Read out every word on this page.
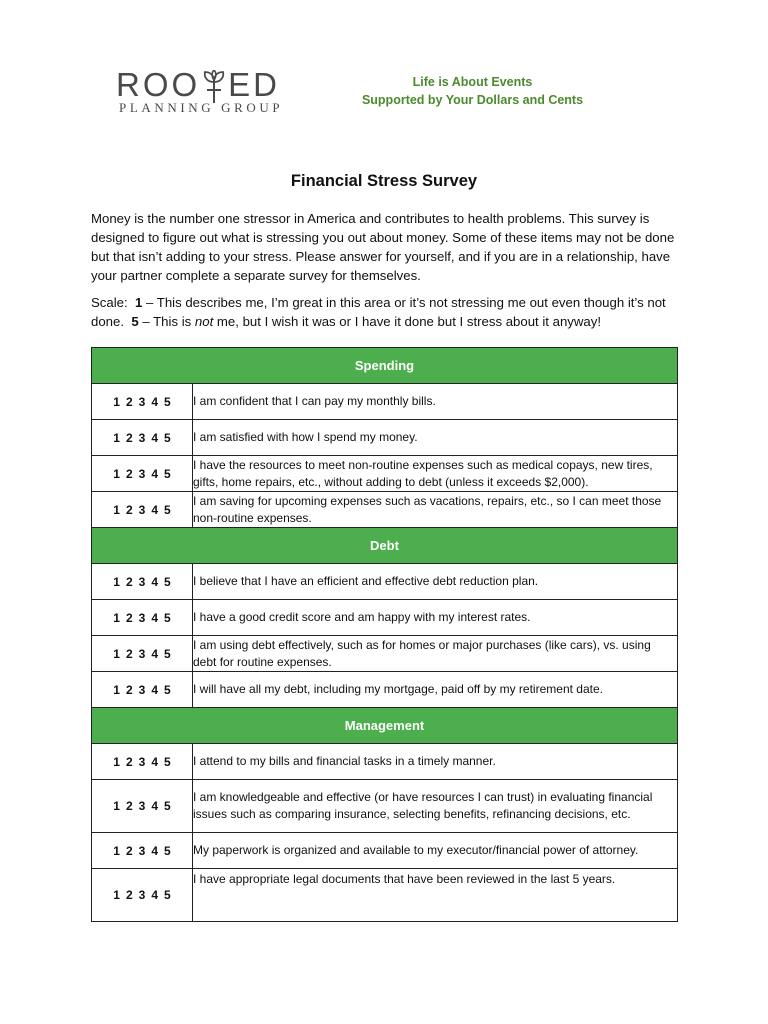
ROO ED
PLANNING GROUP
Life is About Events
Supported by Your Dollars and Cents
Financial Stress Survey
Money is the number one stressor in America and contributes to health problems. This survey is designed to figure out what is stressing you out about money. Some of these items may not be done but that isn’t adding to your stress. Please answer for yourself, and if you are in a relationship, have your partner complete a separate survey for themselves.
Scale: 1 – This describes me, I’m great in this area or it’s not stressing me out even though it’s not done. 5 – This is not me, but I wish it was or I have it done but I stress about it anyway!
Spending	
1 2 3 4 5	I am confident that I can pay my monthly bills.
1 2 3 4 5	I am satisfied with how I spend my money.
1 2 3 4 5	I have the resources to meet non-routine expenses such as medical copays, new tires, gifts, home repairs, etc., without adding to debt (unless it exceeds $2,000).
1 2 3 4 5	I am saving for upcoming expenses such as vacations, repairs, etc., so I can meet those non-routine expenses.
Debt	
1 2 3 4 5	I believe that I have an efficient and effective debt reduction plan.
1 2 3 4 5	I have a good credit score and am happy with my interest rates.
1 2 3 4 5	I am using debt effectively, such as for homes or major purchases (like cars), vs. using debt for routine expenses.
1 2 3 4 5	I will have all my debt, including my mortgage, paid off by my retirement date.
Management	
1 2 3 4 5	I attend to my bills and financial tasks in a timely manner.
1 2 3 4 5	I am knowledgeable and effective (or have resources I can trust) in evaluating financial issues such as comparing insurance, selecting benefits, refinancing decisions, etc.
1 2 3 4 5	My paperwork is organized and available to my executor/financial power of attorney.
1 2 3 4 5	I have appropriate legal documents that have been reviewed in the last 5 years.
